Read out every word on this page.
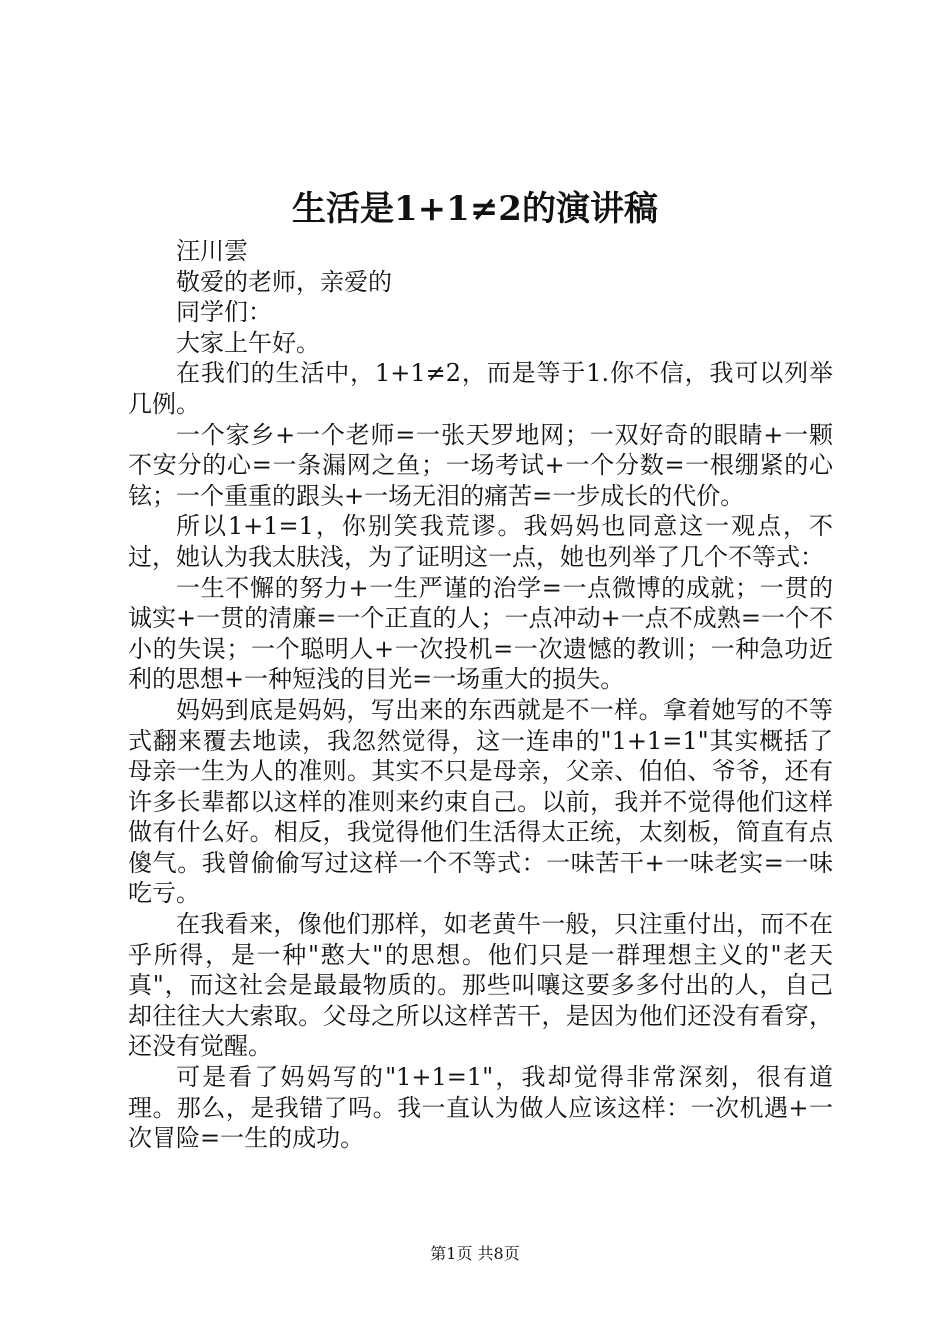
生活是1+1≠2的演讲稿

汪川雲

敬爱的老师，亲爱的

同学们：

大家上午好。

在我们的生活中，1+1≠2，而是等于1.你不信，我可以列举几例。

一个家乡+一个老师=一张天罗地网；一双好奇的眼睛+一颗不安分的心=一条漏网之鱼；一场考试+一个分数=一根绷紧的心铉；一个重重的跟头+一场无泪的痛苦=一步成长的代价。

所以1+1=1，你别笑我荒谬。我妈妈也同意这一观点，不过，她认为我太肤浅，为了证明这一点，她也列举了几个不等式：

一生不懈的努力+一生严谨的治学=一点微博的成就；一贯的诚实+一贯的清廉=一个正直的人；一点冲动+一点不成熟=一个不小的失误；一个聪明人+一次投机=一次遗憾的教训；一种急功近利的思想+一种短浅的目光=一场重大的损失。

妈妈到底是妈妈，写出来的东西就是不一样。拿着她写的不等式翻来覆去地读，我忽然觉得，这一连串的"1+1=1"其实概括了母亲一生为人的准则。其实不只是母亲，父亲、伯伯、爷爷，还有许多长辈都以这样的准则来约束自己。以前，我并不觉得他们这样做有什么好。相反，我觉得他们生活得太正统，太刻板，简直有点傻气。我曾偷偷写过这样一个不等式：一味苦干+一味老实=一味吃亏。

在我看来，像他们那样，如老黄牛一般，只注重付出，而不在乎所得，是一种"憨大"的思想。他们只是一群理想主义的"老天真"，而这社会是最最物质的。那些叫嚷这要多多付出的人，自己却往往大大索取。父母之所以这样苦干，是因为他们还没有看穿，还没有觉醒。

可是看了妈妈写的"1+1=1"，我却觉得非常深刻，很有道理。那么，是我错了吗。我一直认为做人应该这样：一次机遇+一次冒险=一生的成功。

第1页 共8页
